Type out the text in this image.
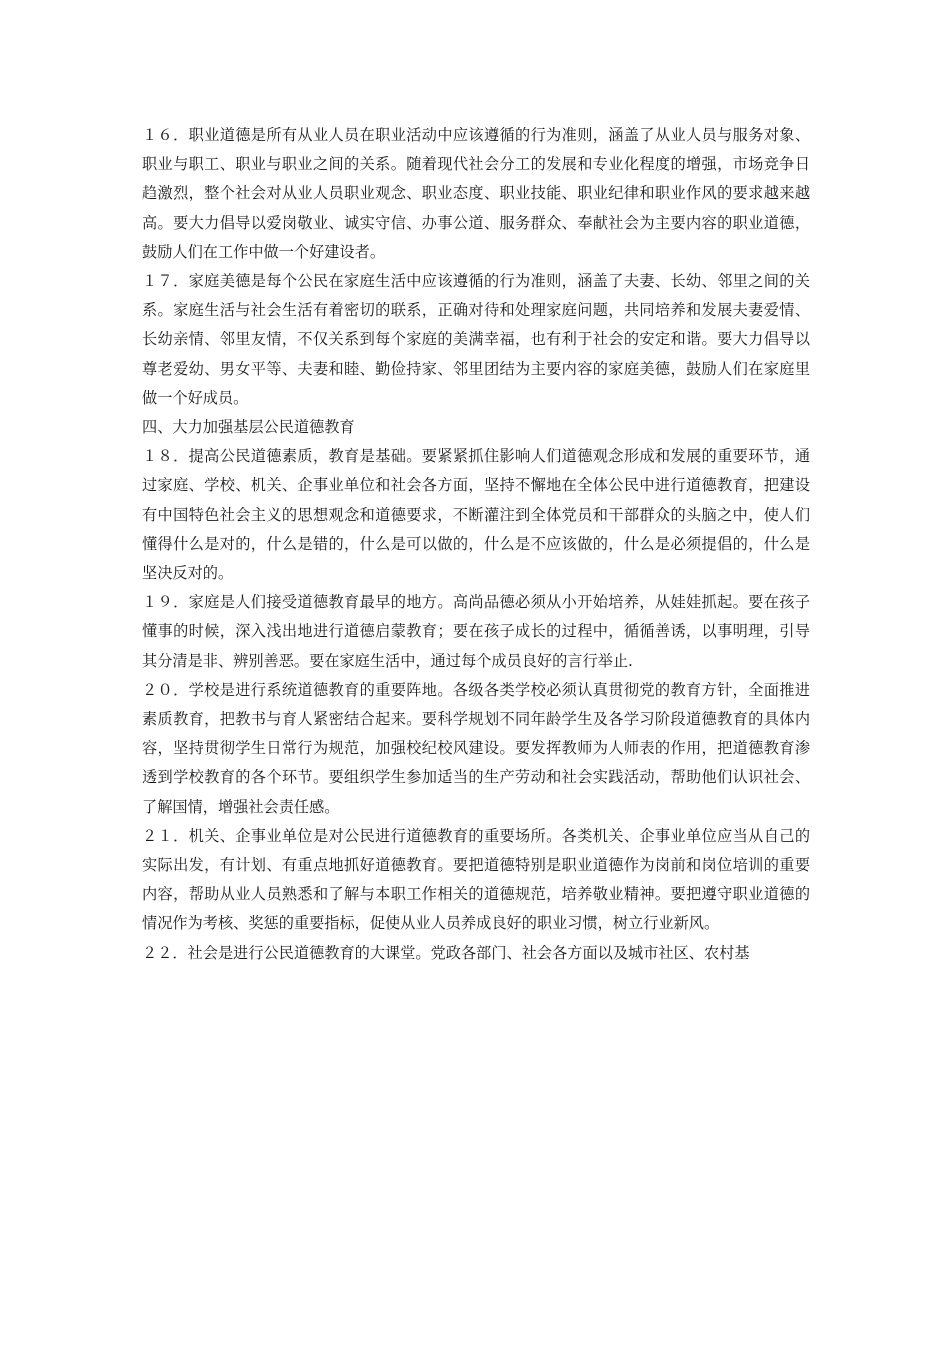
１６．职业道德是所有从业人员在职业活动中应该遵循的行为准则，涵盖了从业人员与服务对象、职业与职工、职业与职业之间的关系。随着现代社会分工的发展和专业化程度的增强，市场竞争日趋激烈，整个社会对从业人员职业观念、职业态度、职业技能、职业纪律和职业作风的要求越来越高。要大力倡导以爱岗敬业、诚实守信、办事公道、服务群众、奉献社会为主要内容的职业道德，鼓励人们在工作中做一个好建设者。

１７．家庭美德是每个公民在家庭生活中应该遵循的行为准则，涵盖了夫妻、长幼、邻里之间的关系。家庭生活与社会生活有着密切的联系，正确对待和处理家庭问题，共同培养和发展夫妻爱情、长幼亲情、邻里友情，不仅关系到每个家庭的美满幸福，也有利于社会的安定和谐。要大力倡导以尊老爱幼、男女平等、夫妻和睦、勤俭持家、邻里团结为主要内容的家庭美德，鼓励人们在家庭里做一个好成员。

四、大力加强基层公民道德教育

１８．提高公民道德素质，教育是基础。要紧紧抓住影响人们道德观念形成和发展的重要环节，通过家庭、学校、机关、企事业单位和社会各方面，坚持不懈地在全体公民中进行道德教育，把建设有中国特色社会主义的思想观念和道德要求，不断灌注到全体党员和干部群众的头脑之中，使人们懂得什么是对的，什么是错的，什么是可以做的，什么是不应该做的，什么是必须提倡的，什么是坚决反对的。

１９．家庭是人们接受道德教育最早的地方。高尚品德必须从小开始培养，从娃娃抓起。要在孩子懂事的时候，深入浅出地进行道德启蒙教育；要在孩子成长的过程中，循循善诱，以事明理，引导其分清是非、辨别善恶。要在家庭生活中，通过每个成员良好的言行举止.

２０．学校是进行系统道德教育的重要阵地。各级各类学校必须认真贯彻党的教育方针，全面推进素质教育，把教书与育人紧密结合起来。要科学规划不同年龄学生及各学习阶段道德教育的具体内容，坚持贯彻学生日常行为规范，加强校纪校风建设。要发挥教师为人师表的作用，把道德教育渗透到学校教育的各个环节。要组织学生参加适当的生产劳动和社会实践活动，帮助他们认识社会、了解国情，增强社会责任感。

２１．机关、企事业单位是对公民进行道德教育的重要场所。各类机关、企事业单位应当从自己的实际出发，有计划、有重点地抓好道德教育。要把道德特别是职业道德作为岗前和岗位培训的重要内容，帮助从业人员熟悉和了解与本职工作相关的道德规范，培养敬业精神。要把遵守职业道德的情况作为考核、奖惩的重要指标，促使从业人员养成良好的职业习惯，树立行业新风。

２２．社会是进行公民道德教育的大课堂。党政各部门、社会各方面以及城市社区、农村基
